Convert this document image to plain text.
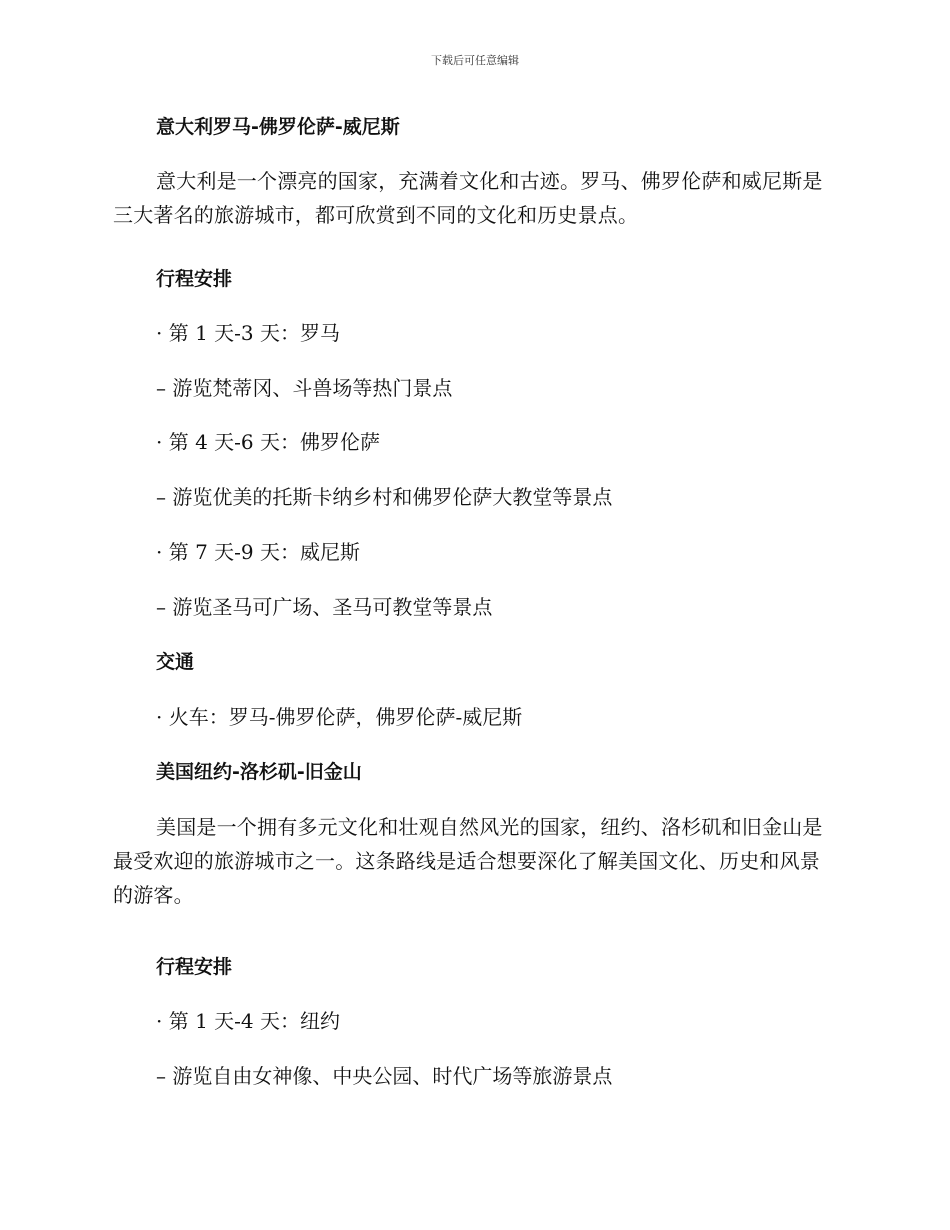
下载后可任意编辑
意大利罗马-佛罗伦萨-威尼斯
意大利是一个漂亮的国家，充满着文化和古迹。罗马、佛罗伦萨和威尼斯是三大著名的旅游城市，都可欣赏到不同的文化和历史景点。
行程安排
· 第 1 天-3 天：罗马
– 游览梵蒂冈、斗兽场等热门景点
· 第 4 天-6 天：佛罗伦萨
– 游览优美的托斯卡纳乡村和佛罗伦萨大教堂等景点
· 第 7 天-9 天：威尼斯
– 游览圣马可广场、圣马可教堂等景点
交通
· 火车：罗马-佛罗伦萨，佛罗伦萨-威尼斯
美国纽约-洛杉矶-旧金山
美国是一个拥有多元文化和壮观自然风光的国家，纽约、洛杉矶和旧金山是最受欢迎的旅游城市之一。这条路线是适合想要深化了解美国文化、历史和风景的游客。
行程安排
· 第 1 天-4 天：纽约
– 游览自由女神像、中央公园、时代广场等旅游景点
